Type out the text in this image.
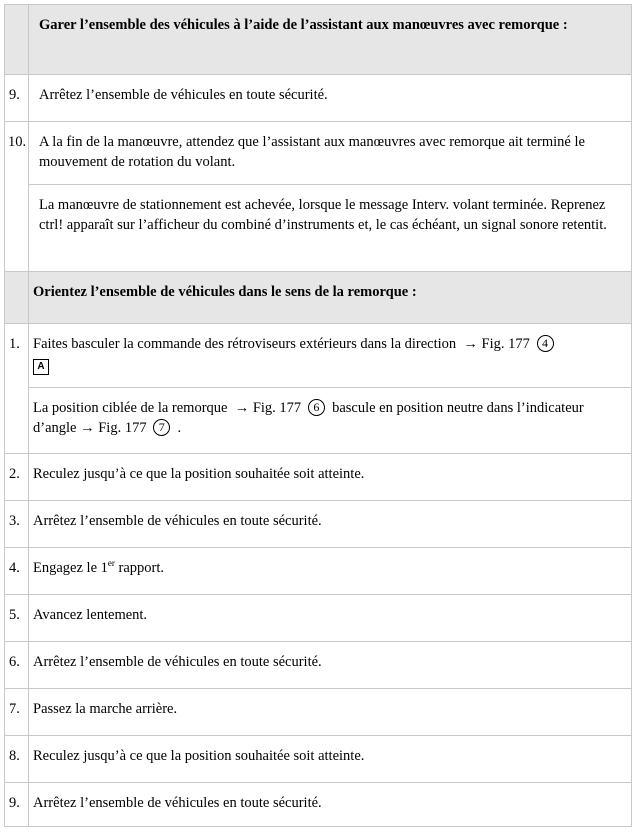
	Garer l’ensemble des véhicules à l’aide de l’assistant aux manœuvres avec remorque :
9.	Arrêtez l’ensemble de véhicules en toute sécurité.
10.	A la fin de la manœuvre, attendez que l’assistant aux manœuvres avec remorque ait terminé le mouvement de rotation du volant.
	La manœuvre de stationnement est achevée, lorsque le message Interv. volant terminée. Reprenez ctrl! apparaît sur l’afficheur du combiné d’instruments et, le cas échéant, un signal sonore retentit.
	Orientez l’ensemble de véhicules dans le sens de la remorque :
1.	Faites basculer la commande des rétroviseurs extérieurs dans la direction → Fig. 177 4
A
	La position ciblée de la remorque → Fig. 177 6 bascule en position neutre dans l’indicateur d’angle → Fig. 177 7 .
2.	Reculez jusqu’à ce que la position souhaitée soit atteinte.
3.	Arrêtez l’ensemble de véhicules en toute sécurité.
4.	Engagez le 1er rapport.
5.	Avancez lentement.
6.	Arrêtez l’ensemble de véhicules en toute sécurité.
7.	Passez la marche arrière.
8.	Reculez jusqu’à ce que la position souhaitée soit atteinte.
9.	Arrêtez l’ensemble de véhicules en toute sécurité.
